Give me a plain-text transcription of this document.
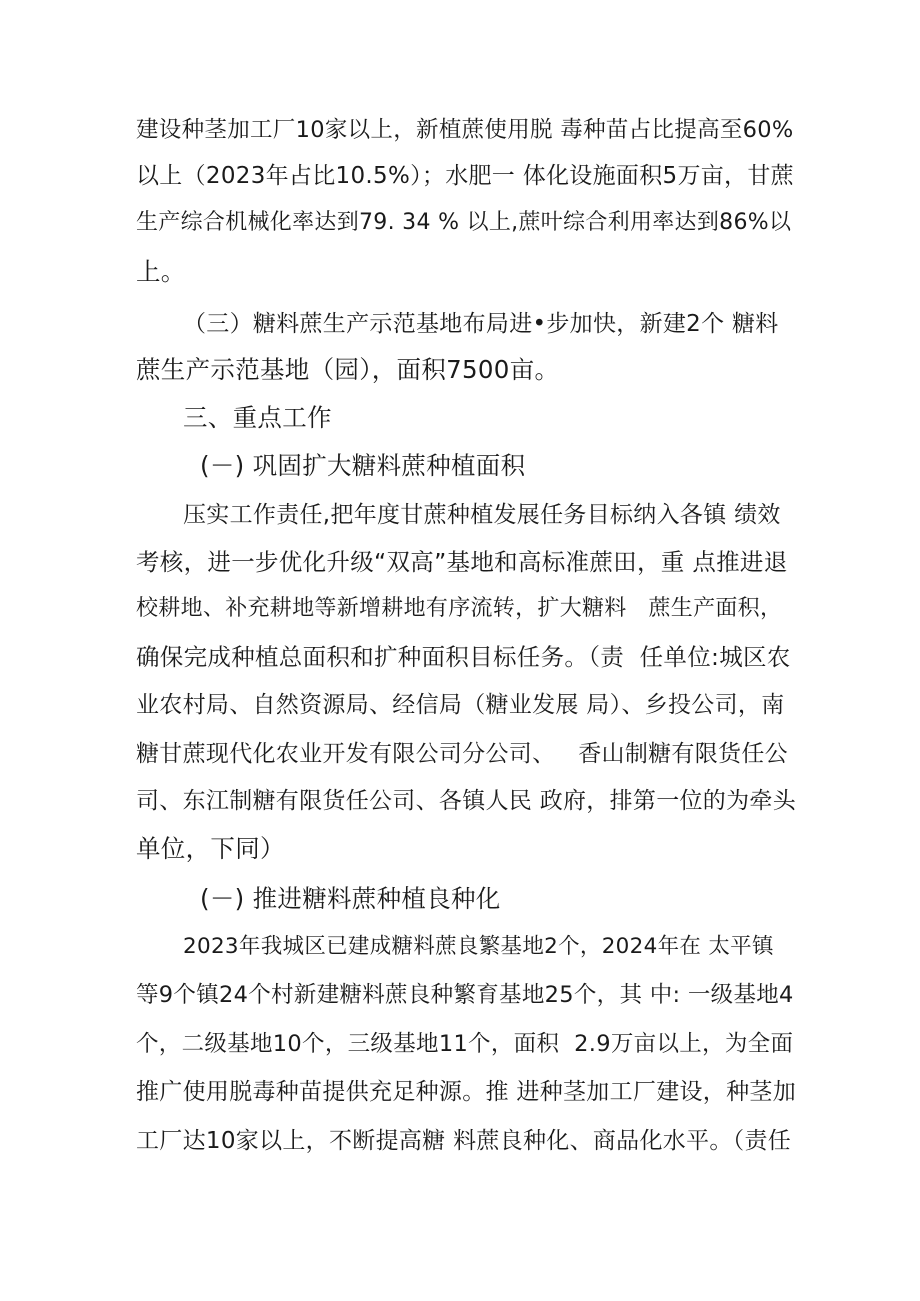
建设种茎加工厂10家以上，新植蔗使用脱 毒种苗占比提高至60%
以上（2023年占比10.5%）；水肥一 体化设施面积5万亩，甘蔗
生产综合机械化率达到79. 34 % 以上,蔗叶综合利用率达到86%以
上。
（三）糖料蔗生产示范基地布局进•步加快，新建2个 糖料
蔗生产示范基地（园），面积7500亩。
三、重点工作
(－) 巩固扩大糖料蔗种植面积
压实工作责任,把年度甘蔗种植发展任务目标纳入各镇 绩效
考核，进一步优化升级“双高”基地和高标准蔗田，重 点推进退
校耕地、补充耕地等新增耕地有序流转，扩大糖料   蔗生产面积，
确保完成种植总面积和扩种面积目标任务。（责  任单位:城区农
业农村局、自然资源局、经信局（糖业发展 局）、乡投公司，南
糖甘蔗现代化农业开发有限公司分公司、   香山制糖有限货任公
司、东江制糖有限货任公司、各镇人民 政府，排第一位的为牵头
单位，下同）
(－) 推进糖料蔗种植良种化
2023年我城区已建成糖料蔗良繁基地2个，2024年在 太平镇
等9个镇24个村新建糖料蔗良种繁育基地25个，其 中: 一级基地4
个，二级基地10个，三级基地11个，面积  2.9万亩以上，为全面
推广使用脱毒种苗提供充足种源。推 进种茎加工厂建设，种茎加
工厂达10家以上，不断提高糖 料蔗良种化、商品化水平。（责任
